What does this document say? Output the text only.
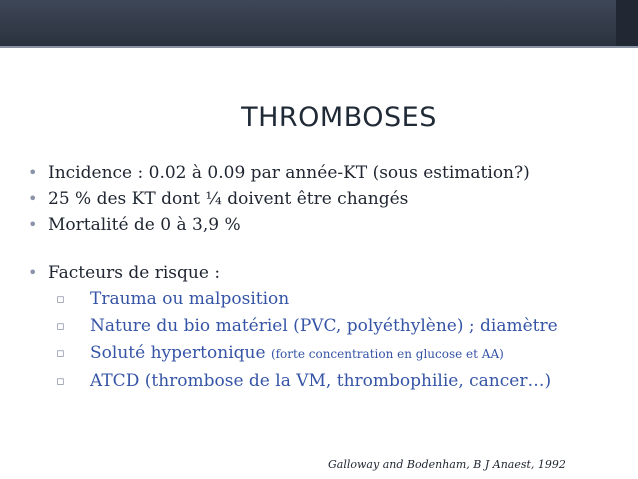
THROMBOSES
• Incidence : 0.02 à 0.09 par année-KT (sous estimation?)
• 25 % des KT dont ¼ doivent être changés
• Mortalité de 0 à 3,9 %
• Facteurs de risque :
▫ Trauma ou malposition
▫ Nature du bio matériel (PVC, polyéthylène) ; diamètre
▫ Soluté hypertonique (forte concentration en glucose et AA)
▫ ATCD (thrombose de la VM, thrombophilie, cancer…)
Galloway and Bodenham, B J Anaest, 1992
